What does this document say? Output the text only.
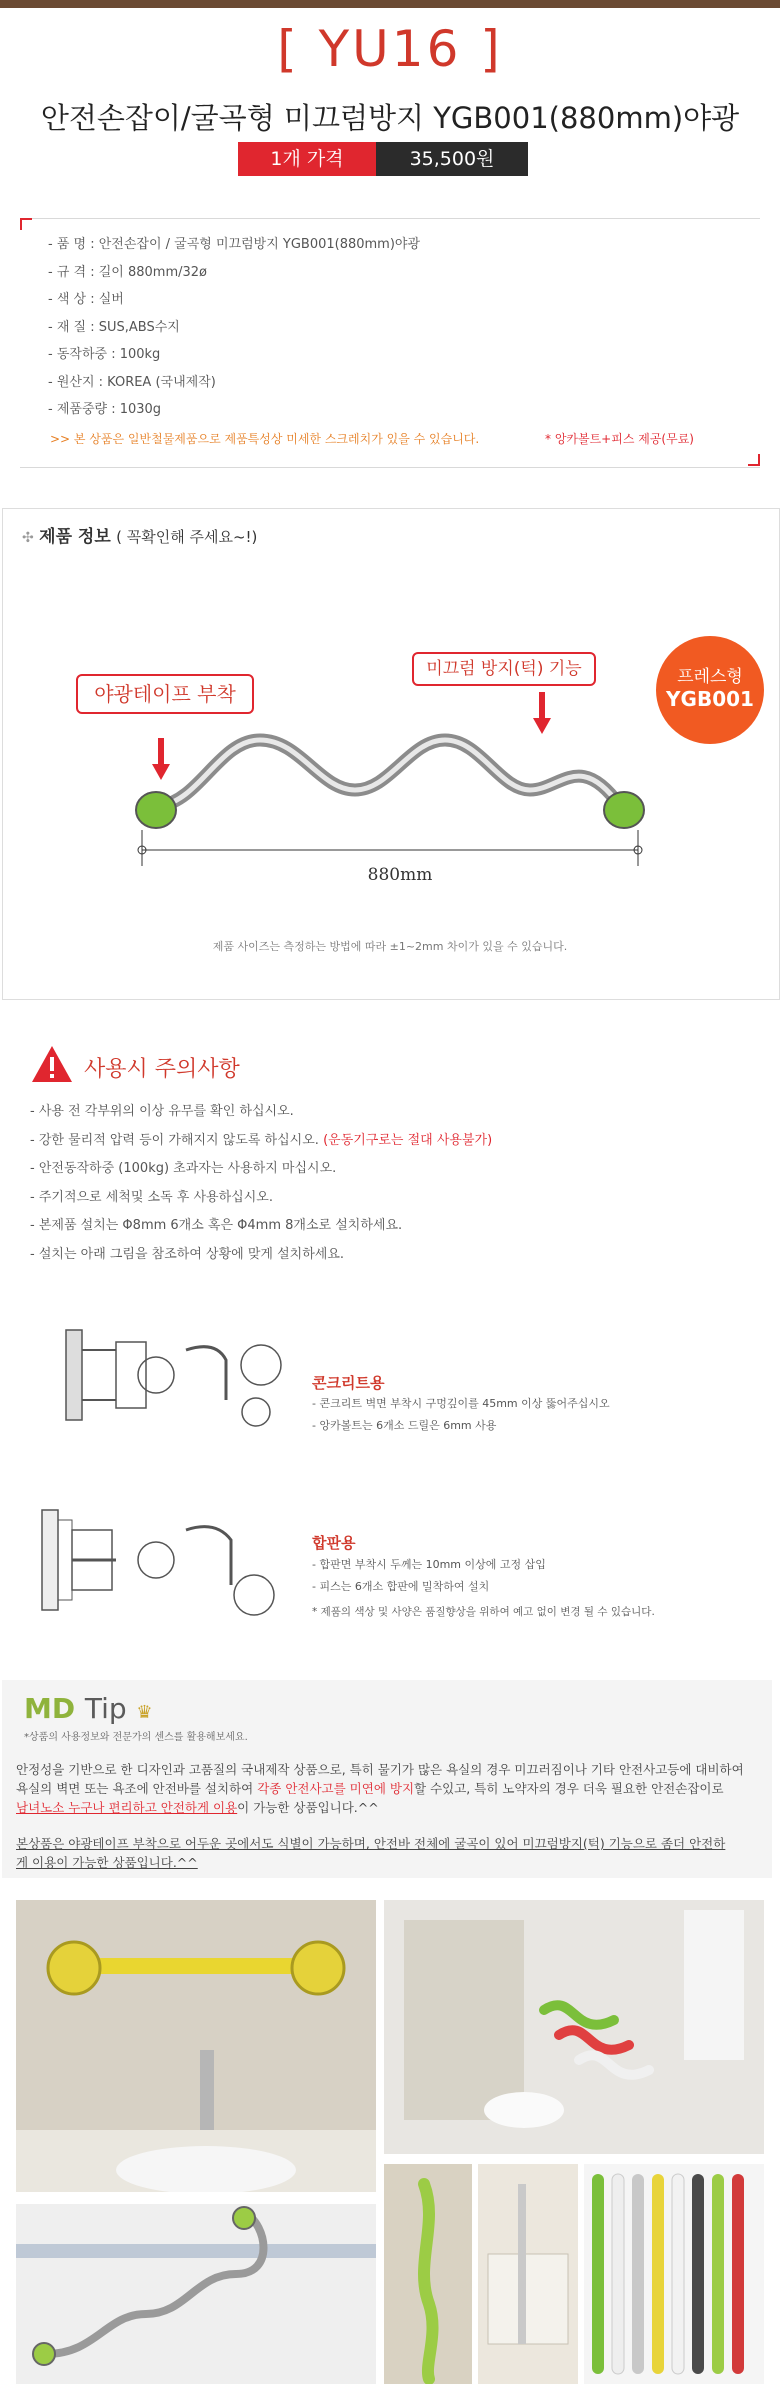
[ YU16 ]
안전손잡이/굴곡형 미끄럼방지 YGB001(880mm)야광
1개 가격	35,500원
- 품 명 : 안전손잡이 / 굴곡형 미끄럼방지 YGB001(880mm)야광
- 규 격 : 길이 880mm/32ø
- 색 상 : 실버
- 재 질 : SUS,ABS수지
- 동작하중 : 100kg
- 원산지 : KOREA (국내제작)
- 제품중량 : 1030g
>> 본 상품은 일반철물제품으로 제품특성상 미세한 스크레치가 있을 수 있습니다.	* 앙카볼트+피스 제공(무료)
✣ 제품 정보 ( 꼭확인해 주세요~!)
880mm
야광테이프 부착
미끄럼 방지(턱) 기능	프레스형
YGB001
제품 사이즈는 측정하는 방법에 따라 ±1~2mm 차이가 있을 수 있습니다.
사용시 주의사항
- 사용 전 각부위의 이상 유무를 확인 하십시오.
- 강한 물리적 압력 등이 가해지지 않도록 하십시오. (운동기구로는 절대 사용불가)
- 안전동작하중 (100kg) 초과자는 사용하지 마십시오.
- 주기적으로 세척및 소독 후 사용하십시오.
- 본제품 설치는 Φ8mm 6개소 혹은 Φ4mm 8개소로 설치하세요.
- 설치는 아래 그림을 참조하여 상황에 맞게 설치하세요.
콘크리트용
- 콘크리트 벽면 부착시 구멍깊이를 45mm 이상 뚫어주십시오
- 앙카볼트는 6개소 드릴은 6mm 사용
합판용
- 합판면 부착시 두께는 10mm 이상에 고정 삽입
- 피스는 6개소 합판에 밀착하여 설치
* 제품의 색상 및 사양은 품질향상을 위하여 예고 없이 변경 될 수 있습니다.
MD Tip ♛
*상품의 사용정보와 전문가의 센스를 활용해보세요.
안정성을 기반으로 한 디자인과 고품질의 국내제작 상품으로, 특히 물기가 많은 욕실의 경우 미끄러짐이나 기타 안전사고등에 대비하여
욕실의 벽면 또는 욕조에 안전바를 설치하여 각종 안전사고를 미연에 방지할 수있고, 특히 노약자의 경우 더욱 필요한 안전손잡이로
남녀노소 누구나 편리하고 안전하게 이용이 가능한 상품입니다.^^
본상품은 야광테이프 부착으로 어두운 곳에서도 식별이 가능하며, 안전바 전체에 굴곡이 있어 미끄럼방지(턱) 기능으로 좀더 안전하게 이용이 가능한 상품입니다.^^
